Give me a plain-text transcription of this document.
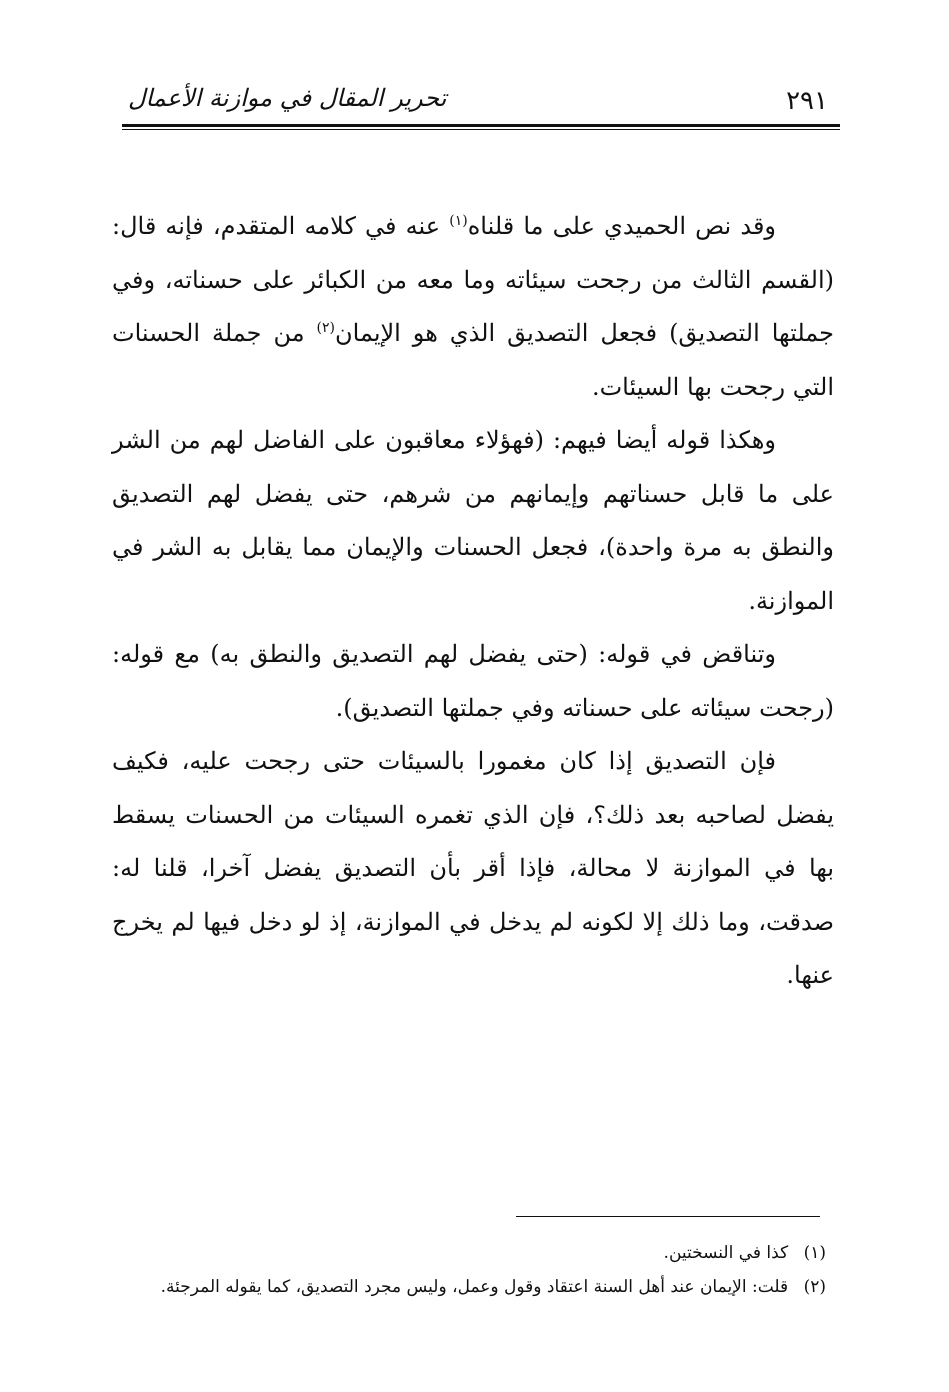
٢٩١
تحرير المقال في موازنة الأعمال

وقد نص الحميدي على ما قلناه$^{(١)}$ عنه في كلامه المتقدم، فإنه قال: (القسم الثالث من رجحت سيئاته وما معه من الكبائر على حسناته، وفي جملتها التصديق) فجعل التصديق الذي هو الإيمان$^{(٢)}$ من جملة الحسنات التي رجحت بها السيئات.

وهكذا قوله أيضا فيهم: (فهؤلاء معاقبون على الفاضل لهم من الشر على ما قابل حسناتهم وإيمانهم من شرهم، حتى يفضل لهم التصديق والنطق به مرة واحدة)، فجعل الحسنات والإيمان مما يقابل به الشر في الموازنة.

وتناقض في قوله: (حتى يفضل لهم التصديق والنطق به) مع قوله: (رجحت سيئاته على حسناته وفي جملتها التصديق).

فإن التصديق إذا كان مغمورا بالسيئات حتى رجحت عليه، فكيف يفضل لصاحبه بعد ذلك؟، فإن الذي تغمره السيئات من الحسنات يسقط بها في الموازنة لا محالة، فإذا أقر بأن التصديق يفضل آخرا، قلنا له: صدقت، وما ذلك إلا لكونه لم يدخل في الموازنة، إذ لو دخل فيها لم يخرج عنها.

(١) كذا في النسختين.
(٢) قلت: الإيمان عند أهل السنة اعتقاد وقول وعمل، وليس مجرد التصديق، كما يقوله المرجئة.
